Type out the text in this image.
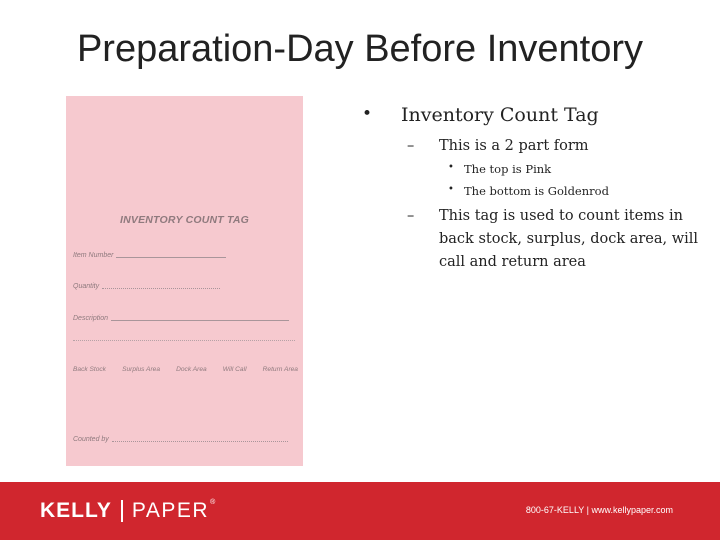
Preparation-Day Before Inventory
INVENTORY COUNT TAG
Item Number
Quantity
Description
Back Stock Surplus Area Dock Area Will Call Return Area
Counted by
• Inventory Count Tag
– This is a 2 part form
• The top is Pink
• The bottom is Goldenrod
– This tag is used to count items in back stock, surplus, dock area, will call and return area
KELLY PAPER ®
800-67-KELLY | www.kellypaper.com
